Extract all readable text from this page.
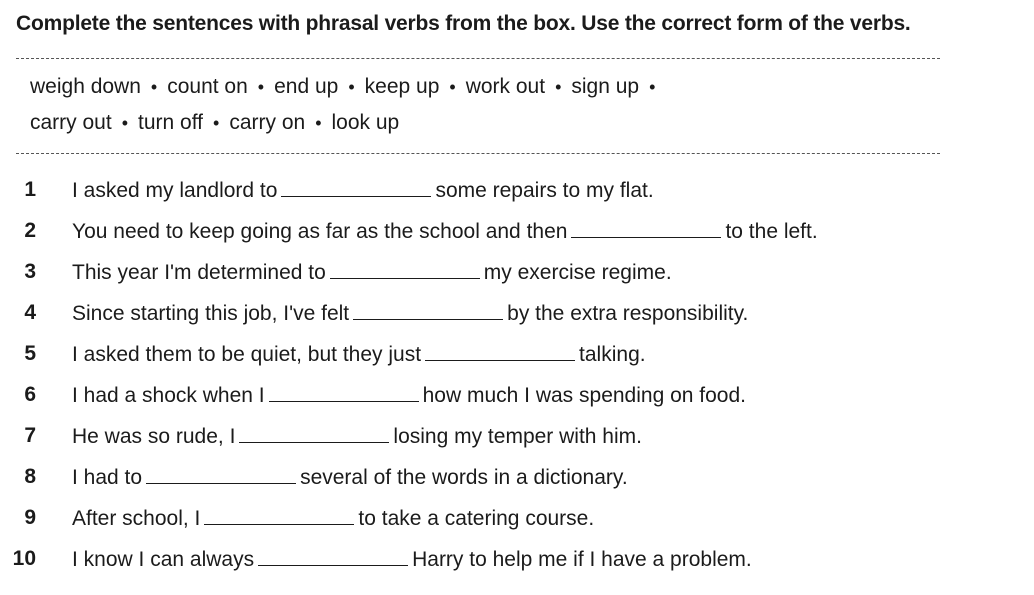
Complete the sentences with phrasal verbs from the box. Use the correct form of the verbs.
weigh down • count on • end up • keep up • work out • sign up •
carry out • turn off • carry on • look up
1 I asked my landlord to	some repairs to my flat.
2 You need to keep going as far as the school and then	to the left.
3 This year I'm determined to	my exercise regime.
4 Since starting this job, I've felt	by the extra responsibility.
5 I asked them to be quiet, but they just	talking.
6 I had a shock when I	how much I was spending on food.
7 He was so rude, I	losing my temper with him.
8 I had to	several of the words in a dictionary.
9 After school, I	to take a catering course.
10 I know I can always	Harry to help me if I have a problem.
